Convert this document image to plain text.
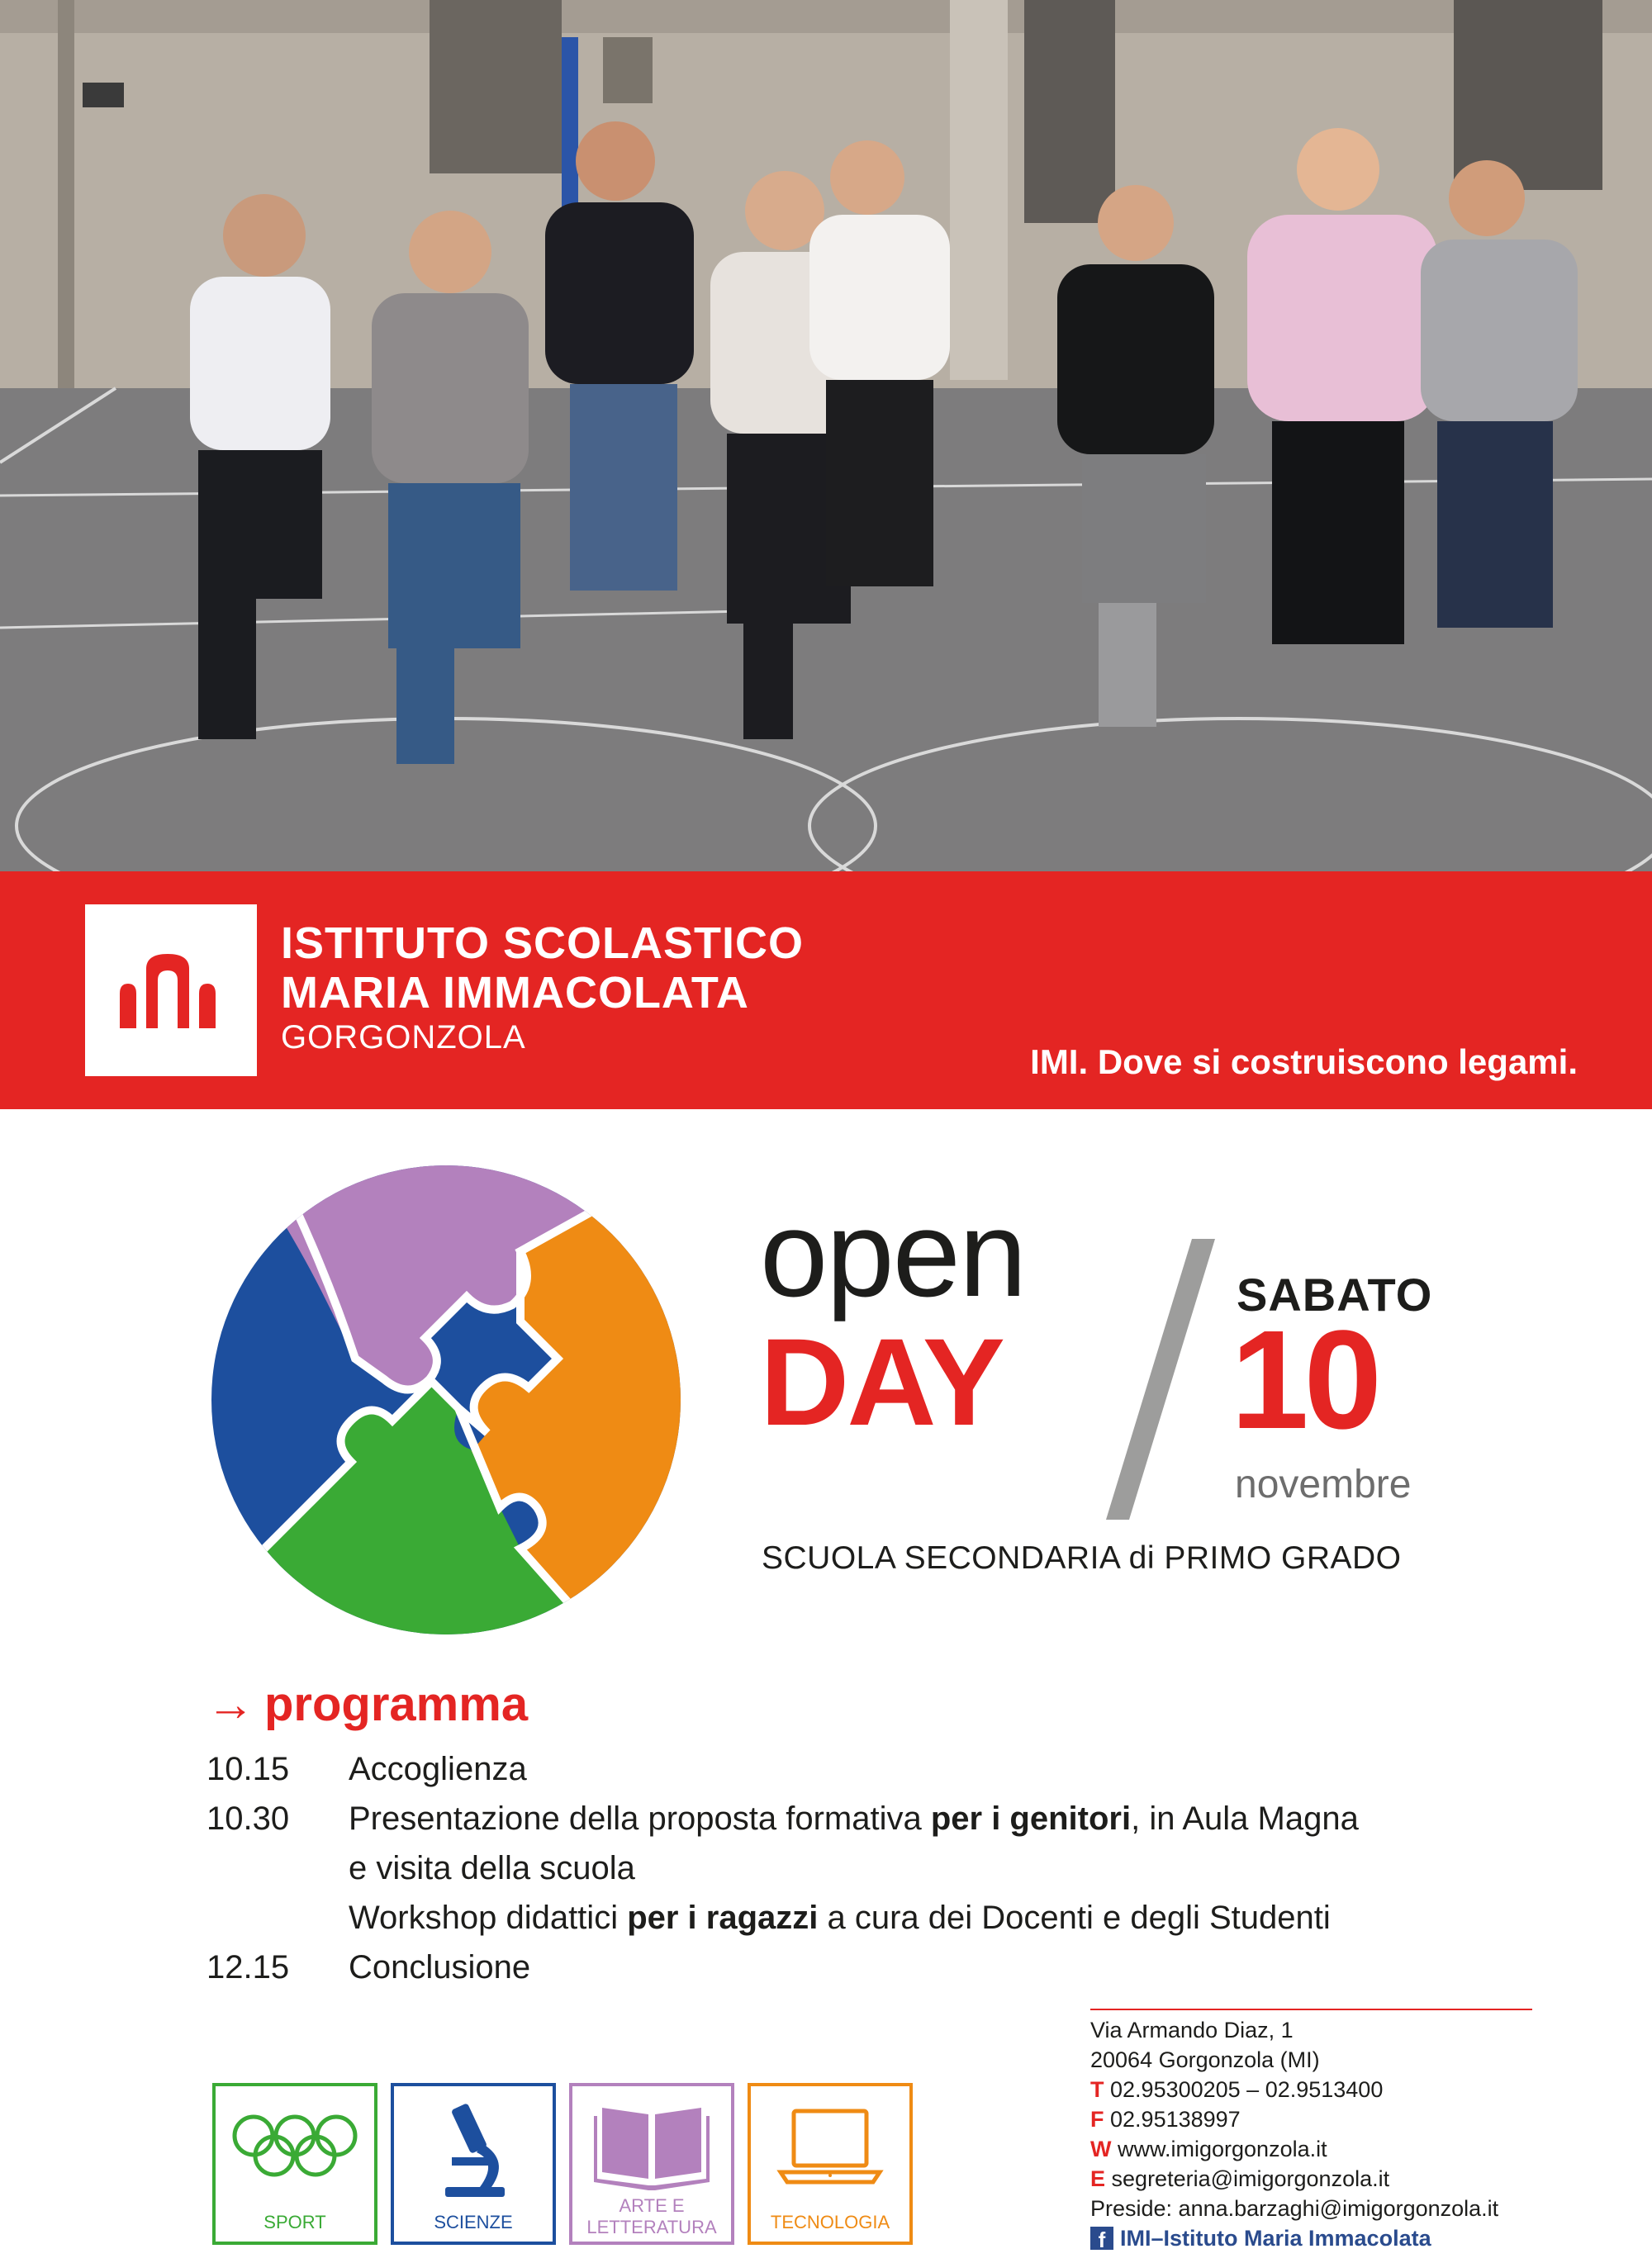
ISTITUTO SCOLASTICO
MARIA IMMACOLATA
GORGONZOLA
IMI. Dove si costruiscono legami.
open
DAY
SABATO
10
novembre
SCUOLA SECONDARIA di PRIMO GRADO
→ programma
10.15	Accoglienza
10.30	Presentazione della proposta formativa per i genitori, in Aula Magna
e visita della scuola
Workshop didattici per i ragazzi a cura dei Docenti e degli Studenti
12.15	Conclusione
SPORT	SCIENZE
ARTE E LETTERATURA	TECNOLOGIA
Via Armando Diaz, 1
20064 Gorgonzola (MI)
T 02.95300205 – 02.9513400
F 02.95138997
W www.imigorgonzola.it
E segreteria@imigorgonzola.it
Preside: anna.barzaghi@imigorgonzola.it
f IMI–Istituto Maria Immacolata
